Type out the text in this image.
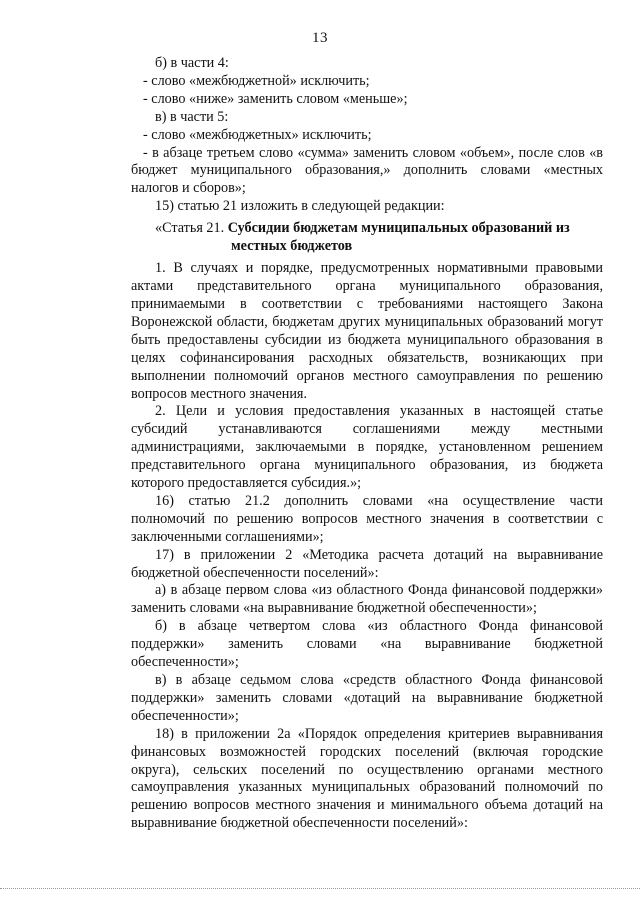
13

б) в части 4:

- слово «межбюджетной» исключить;

- слово «ниже» заменить словом «меньше»;

в) в части 5:

- слово «межбюджетных» исключить;

- в абзаце третьем слово «сумма» заменить словом «объем», после слов «в бюджет муниципального образования,» дополнить словами «местных налогов и сборов»;

15) статью 21 изложить в следующей редакции:

«Статья 21. Субсидии бюджетам муниципальных образований из
местных бюджетов

1. В случаях и порядке, предусмотренных нормативными правовыми актами представительного органа муниципального образования, принимаемыми в соответствии с требованиями настоящего Закона Воронежской области, бюджетам других муниципальных образований могут быть предоставлены субсидии из бюджета муниципального образования в целях софинансирования расходных обязательств, возникающих при выполнении полномочий органов местного самоуправления по решению вопросов местного значения.

2. Цели и условия предоставления указанных в настоящей статье субсидий устанавливаются соглашениями между местными администрациями, заключаемыми в порядке, установленном решением представительного органа муниципального образования, из бюджета которого предоставляется субсидия.»;

16) статью 21.2 дополнить словами «на осуществление части полномочий по решению вопросов местного значения в соответствии с заключенными соглашениями»;

17) в приложении 2 «Методика расчета дотаций на выравнивание бюджетной обеспеченности поселений»:

а) в абзаце первом слова «из областного Фонда финансовой поддержки» заменить словами «на выравнивание бюджетной обеспеченности»;

б) в абзаце четвертом слова «из областного Фонда финансовой поддержки» заменить словами «на выравнивание бюджетной обеспеченности»;

в) в абзаце седьмом слова «средств областного Фонда финансовой поддержки» заменить словами «дотаций на выравнивание бюджетной обеспеченности»;

18) в приложении 2а «Порядок определения критериев выравнивания финансовых возможностей городских поселений (включая городские округа), сельских поселений по осуществлению органами местного самоуправления указанных муниципальных образований полномочий по решению вопросов местного значения и минимального объема дотаций на выравнивание бюджетной обеспеченности поселений»:
